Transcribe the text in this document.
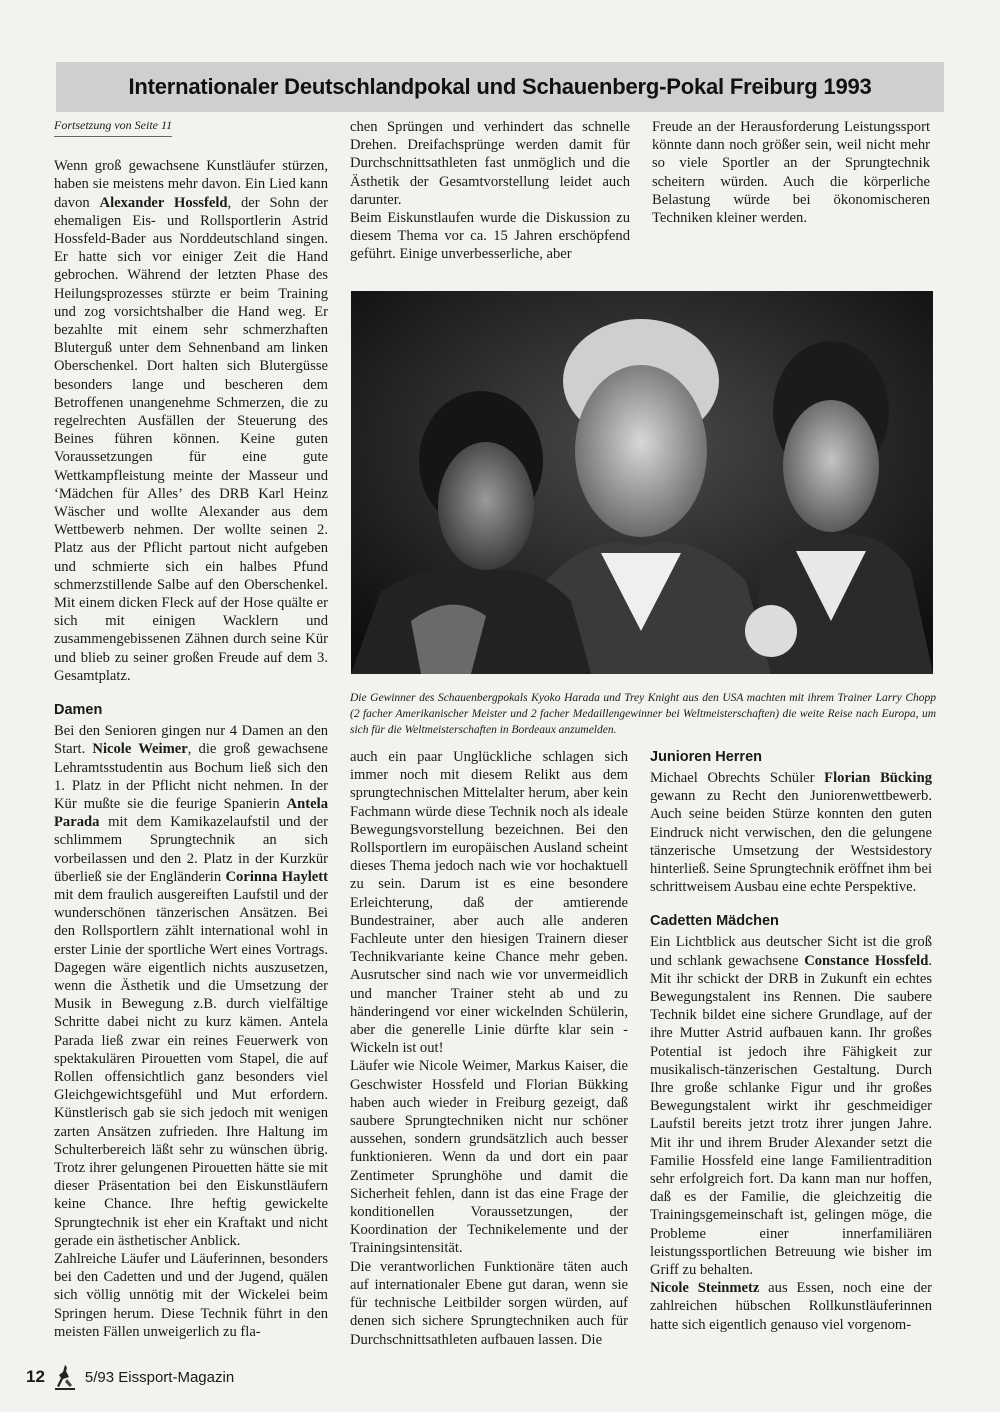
Internationaler Deutschlandpokal und Schauenberg-Pokal Freiburg 1993
Fortsetzung von Seite 11

Wenn groß gewachsene Kunstläufer stürzen, haben sie meistens mehr davon. Ein Lied kann davon Alexander Hossfeld, der Sohn der ehemaligen Eis- und Rollsportlerin Astrid Hossfeld-Bader aus Norddeutschland singen. Er hatte sich vor einiger Zeit die Hand gebrochen. Während der letzten Phase des Heilungsprozesses stürzte er beim Training und zog vorsichtshalber die Hand weg. Er bezahlte mit einem sehr schmerzhaften Bluterguß unter dem Sehnenband am linken Oberschenkel. Dort halten sich Blutergüsse besonders lange und bescheren dem Betroffenen unangenehme Schmerzen, die zu regelrechten Ausfällen der Steuerung des Beines führen können. Keine guten Voraussetzungen für eine gute Wettkampfleistung meinte der Masseur und ‘Mädchen für Alles’ des DRB Karl Heinz Wäscher und wollte Alexander aus dem Wettbewerb nehmen. Der wollte seinen 2. Platz aus der Pflicht partout nicht aufgeben und schmierte sich ein halbes Pfund schmerzstillende Salbe auf den Oberschenkel. Mit einem dicken Fleck auf der Hose quälte er sich mit einigen Wacklern und zusammengebissenen Zähnen durch seine Kür und blieb zu seiner großen Freude auf dem 3. Gesamtplatz.

Damen

Bei den Senioren gingen nur 4 Damen an den Start. Nicole Weimer, die groß gewachsene Lehramtsstudentin aus Bochum ließ sich den 1. Platz in der Pflicht nicht nehmen. In der Kür mußte sie die feurige Spanierin Antela Parada mit dem Kamikazelaufstil und der schlimmem Sprungtechnik an sich vorbeilassen und den 2. Platz in der Kurzkür überließ sie der Engländerin Corinna Haylett mit dem fraulich ausgereiften Laufstil und der wunderschönen tänzerischen Ansätzen. Bei den Rollsportlern zählt international wohl in erster Linie der sportliche Wert eines Vortrags. Dagegen wäre eigentlich nichts auszusetzen, wenn die Ästhetik und die Umsetzung der Musik in Bewegung z.B. durch vielfältige Schritte dabei nicht zu kurz kämen. Antela Parada ließ zwar ein reines Feuerwerk von spektakulären Pirouetten vom Stapel, die auf Rollen offensichtlich ganz besonders viel Gleichgewichtsgefühl und Mut erfordern. Künstlerisch gab sie sich jedoch mit wenigen zarten Ansätzen zufrieden. Ihre Haltung im Schulterbereich läßt sehr zu wünschen übrig. Trotz ihrer gelungenen Pirouetten hätte sie mit dieser Präsentation bei den Eiskunstläufern keine Chance. Ihre heftig gewickelte Sprungtechnik ist eher ein Kraftakt und nicht gerade ein ästhetischer Anblick.

Zahlreiche Läufer und Läuferinnen, besonders bei den Cadetten und und der Jugend, quälen sich völlig unnötig mit der Wickelei beim Springen herum. Diese Technik führt in den meisten Fällen unweigerlich zu fla-

chen Sprüngen und verhindert das schnelle Drehen. Dreifachsprünge werden damit für Durchschnittsathleten fast unmöglich und die Ästhetik der Gesamtvorstellung leidet auch darunter.

Beim Eiskunstlaufen wurde die Diskussion zu diesem Thema vor ca. 15 Jahren erschöpfend geführt. Einige unverbesserliche, aber

Freude an der Herausforderung Leistungssport könnte dann noch größer sein, weil nicht mehr so viele Sportler an der Sprungtechnik scheitern würden. Auch die körperliche Belastung würde bei ökonomischeren Techniken kleiner werden.

Die Gewinner des Schauenbergpokals Kyoko Harada und Trey Knight aus den USA machten mit ihrem Trainer Larry Chopp (2 facher Amerikanischer Meister und 2 facher Medaillengewinner bei Weltmeisterschaften) die weite Reise nach Europa, um sich für die Weltmeisterschaften in Bordeaux anzumelden.

auch ein paar Unglückliche schlagen sich immer noch mit diesem Relikt aus dem sprungtechnischen Mittelalter herum, aber kein Fachmann würde diese Technik noch als ideale Bewegungsvorstellung bezeichnen. Bei den Rollsportlern im europäischen Ausland scheint dieses Thema jedoch nach wie vor hochaktuell zu sein. Darum ist es eine besondere Erleichterung, daß der amtierende Bundestrainer, aber auch alle anderen Fachleute unter den hiesigen Trainern dieser Technikvariante keine Chance mehr geben. Ausrutscher sind nach wie vor unvermeidlich und mancher Trainer steht ab und zu händeringend vor einer wickelnden Schülerin, aber die generelle Linie dürfte klar sein - Wickeln ist out!

Läufer wie Nicole Weimer, Markus Kaiser, die Geschwister Hossfeld und Florian Bükking haben auch wieder in Freiburg gezeigt, daß saubere Sprungtechniken nicht nur schöner aussehen, sondern grundsätzlich auch besser funktionieren. Wenn da und dort ein paar Zentimeter Sprunghöhe und damit die Sicherheit fehlen, dann ist das eine Frage der konditionellen Voraussetzungen, der Koordination der Technikelemente und der Trainingsintensität.

Die verantworlichen Funktionäre täten auch auf internationaler Ebene gut daran, wenn sie für technische Leitbilder sorgen würden, auf denen sich sichere Sprungtechniken auch für Durchschnittsathleten aufbauen lassen. Die

Junioren Herren

Michael Obrechts Schüler Florian Bücking gewann zu Recht den Juniorenwettbewerb. Auch seine beiden Stürze konnten den guten Eindruck nicht verwischen, den die gelungene tänzerische Umsetzung der Westsidestory hinterließ. Seine Sprungtechnik eröffnet ihm bei schrittweisem Ausbau eine echte Perspektive.

Cadetten Mädchen

Ein Lichtblick aus deutscher Sicht ist die groß und schlank gewachsene Constance Hossfeld. Mit ihr schickt der DRB in Zukunft ein echtes Bewegungstalent ins Rennen. Die saubere Technik bildet eine sichere Grundlage, auf der ihre Mutter Astrid aufbauen kann. Ihr großes Potential ist jedoch ihre Fähigkeit zur musikalisch-tänzerischen Gestaltung. Durch Ihre große schlanke Figur und ihr großes Bewegungstalent wirkt ihr geschmeidiger Laufstil bereits jetzt trotz ihrer jungen Jahre. Mit ihr und ihrem Bruder Alexander setzt die Familie Hossfeld eine lange Familientradition sehr erfolgreich fort. Da kann man nur hoffen, daß es der Familie, die gleichzeitig die Trainingsgemeinschaft ist, gelingen möge, die Probleme einer innerfamiliären leistungssportlichen Betreuung wie bisher im Griff zu behalten.

Nicole Steinmetz aus Essen, noch eine der zahlreichen hübschen Rollkunstläuferinnen hatte sich eigentlich genauso viel vorgenom-

12	5/93 Eissport-Magazin
